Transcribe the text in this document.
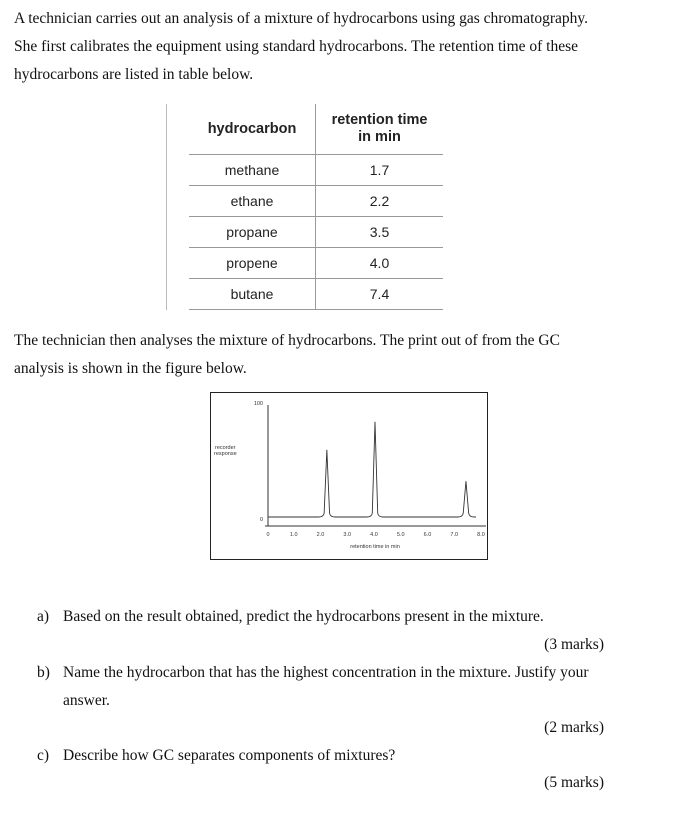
A technician carries out an analysis of a mixture of hydrocarbons using gas chromatography.

She first calibrates the equipment using standard hydrocarbons. The retention time of these

hydrocarbons are listed in table below.

hydrocarbon	retention time
in min
methane	1.7
ethane	2.2
propane	3.5
propene	4.0
butane	7.4

The technician then analyses the mixture of hydrocarbons. The print out of from the GC

analysis is shown in the figure below.

0	1.0	2.0	3.0	4.0	5.0	6.0	7.0	8.0
100
0
retention time in min
recorder
response
a) Based on the result obtained, predict the hydrocarbons present in the mixture.
(3 marks)
b) Name the hydrocarbon that has the highest concentration in the mixture. Justify your
answer.
(2 marks)
c) Describe how GC separates components of mixtures?
(5 marks)
